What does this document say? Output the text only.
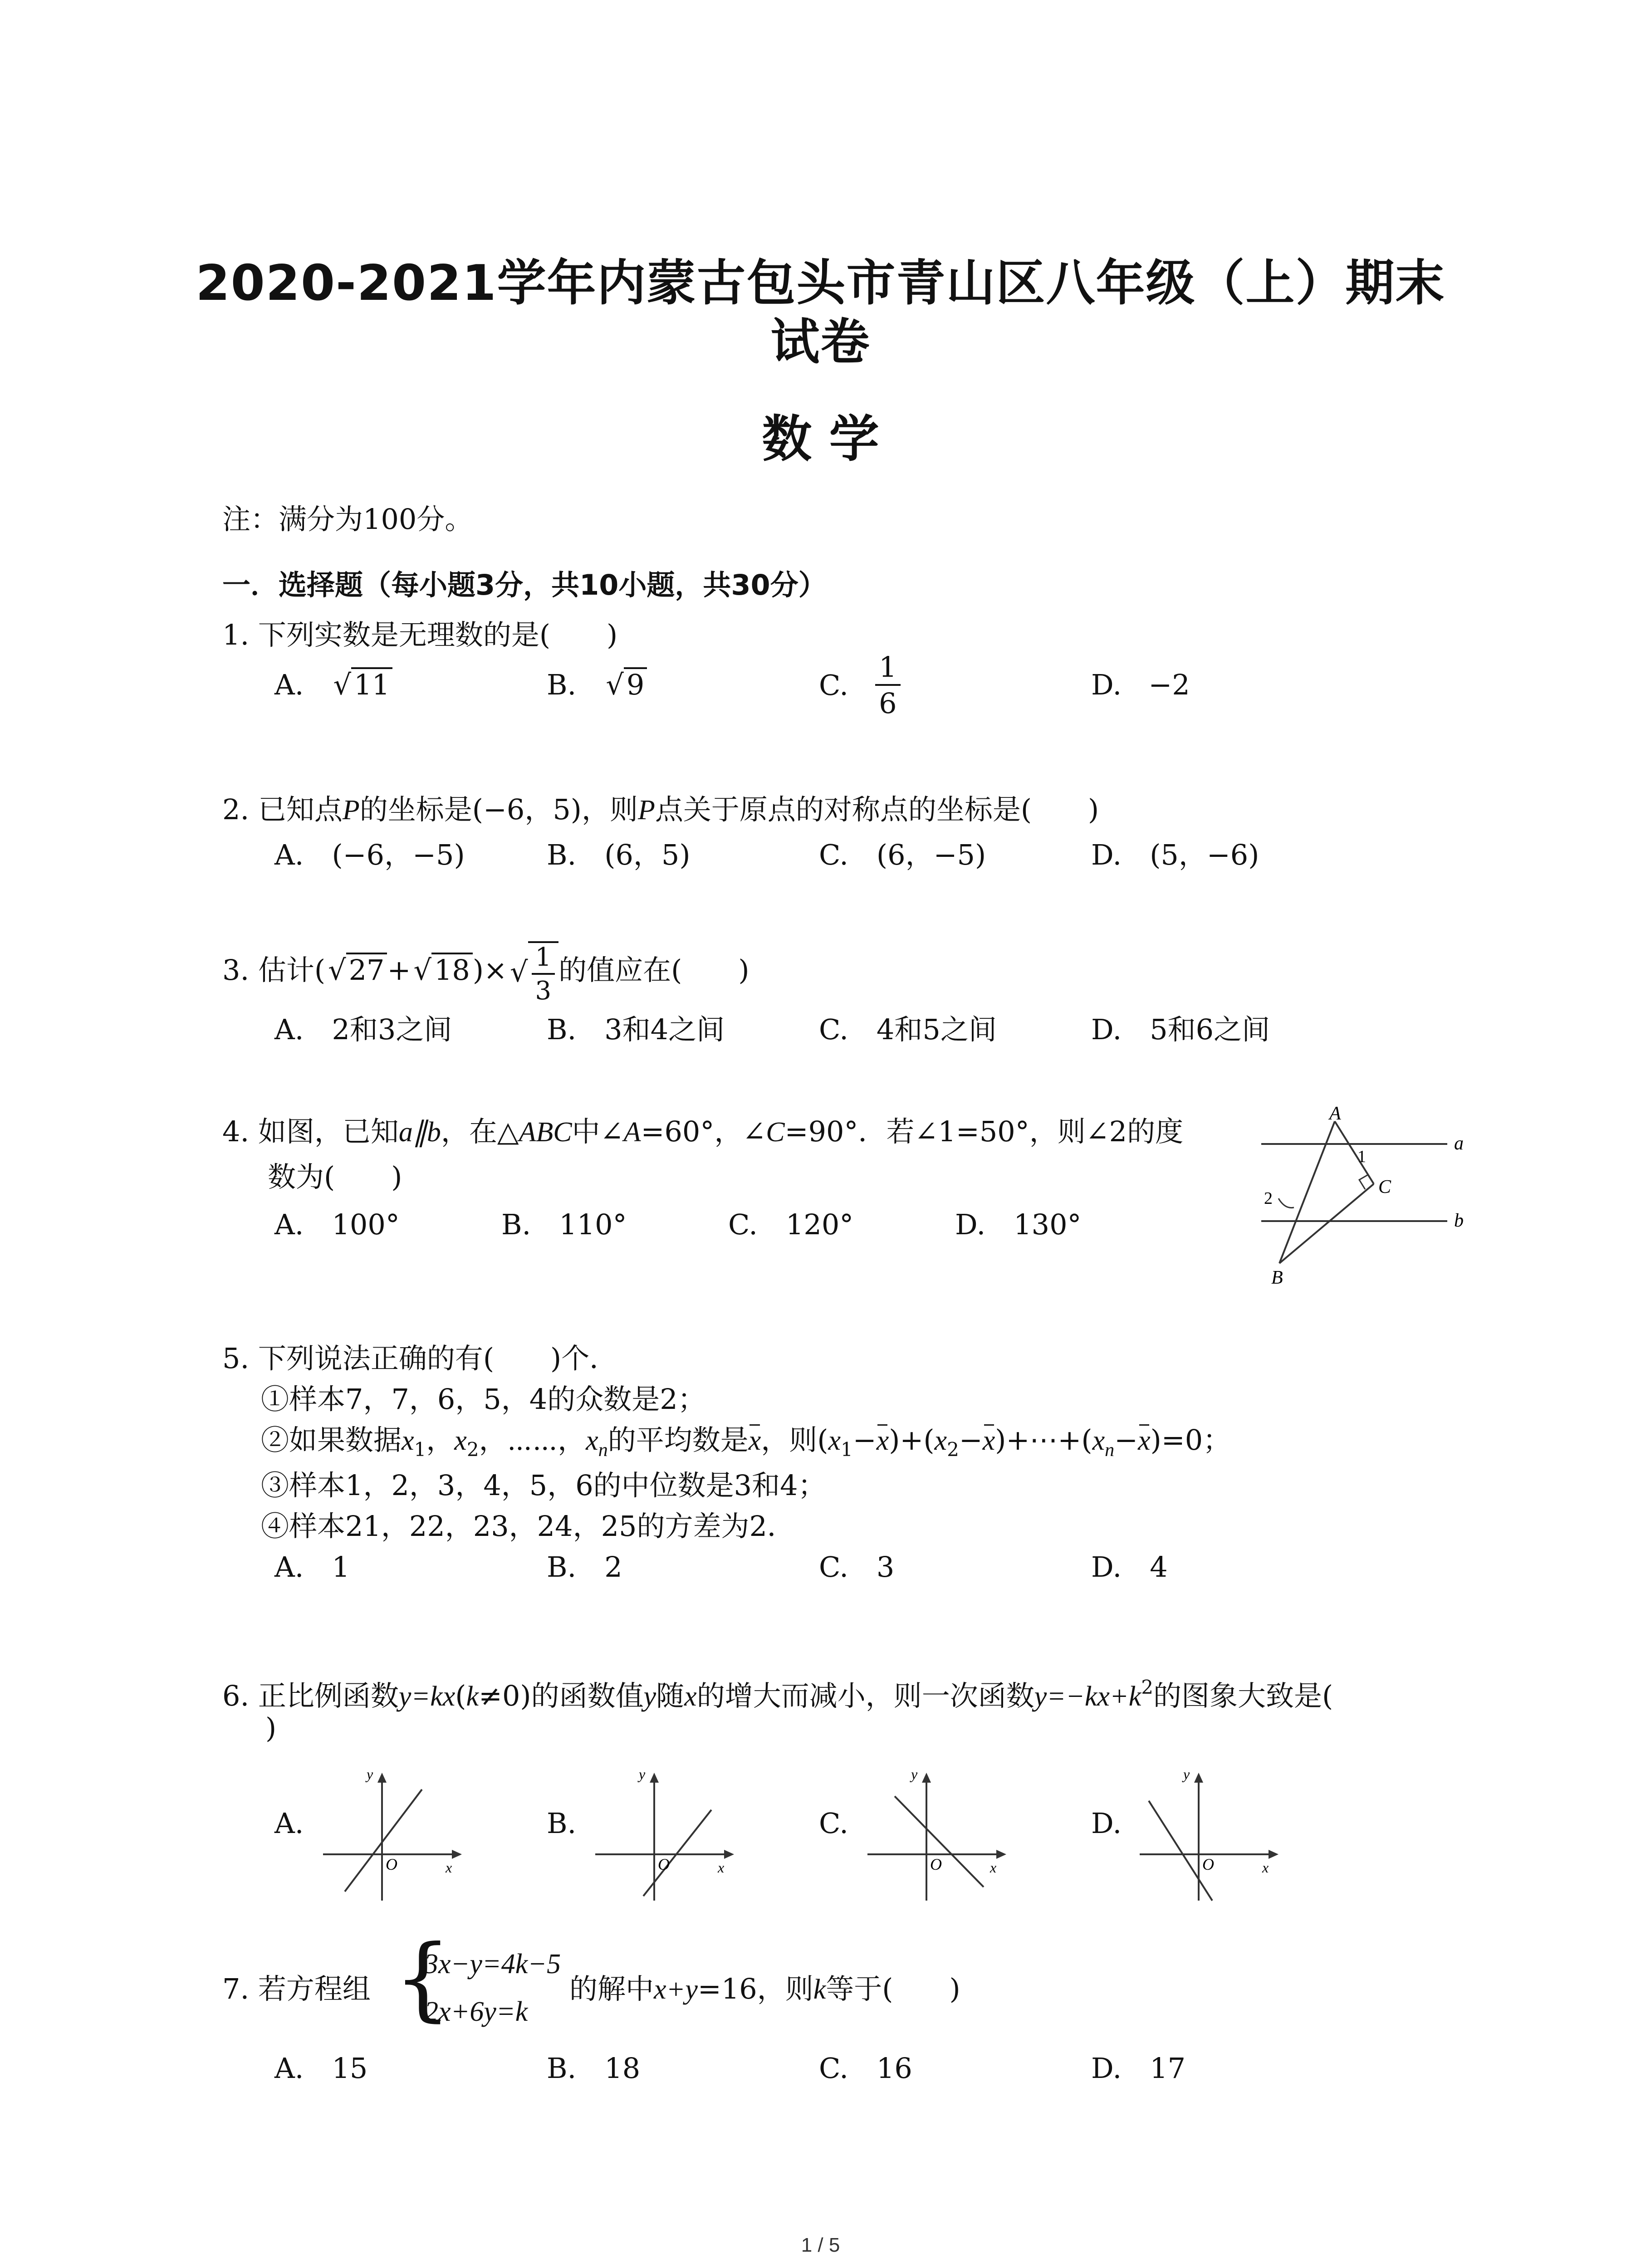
2020-2021学年内蒙古包头市青山区八年级（上）期末
试卷
数 学
注：满分为100分。
一．选择题（每小题3分，共10小题，共30分）
1. 下列实数是无理数的是(　　)
A. √11	B. √9	C. $\frac{1}{6}$	D. −2
2. 已知点P的坐标是(−6，5)，则P点关于原点的对称点的坐标是(　　)
A.　(−6，−5)	B.　(6，5)	C.　(6，−5)	D.　(5，−6)
3. 估计$(√27+√18)\times√ \frac{1}{3}$ 的值应在(　　)
A.　2和3之间	B.　3和4之间	C.　4和5之间	D.　5和6之间
4. 如图，已知a∥b，在△ABC中∠A=60°，∠C=90°．若∠1=50°，则∠2的度
数为(　　)
A.　100°	B.　110°	C.　120°	D.　130°
A
B
C
1
2
a
b
5. 下列说法正确的有(　　)个．
①样本7，7，6，5，4的众数是2；
②如果数据$x_1$，$x_2$，⋯⋯，$x_n$的平均数是x，则$(x_1-x)+(x_2-x)+\cdots+(x_n-x)=0$；
③样本1，2，3，4，5，6的中位数是3和4；
④样本21，22，23，24，25的方差为2．
A.　1	B.　2	C.　3	D.　4
6. 正比例函数y=kx(k≠0)的函数值y随x的增大而减小，则一次函数$y=-kx+k^2$的图象大致是(
)
A.
y
O	x
B.
y
O	x
C.
y
O	x
D.
y
O	x
7. 若方程组 {
3x−y=4k−5
2x+6y=k
的解中x+y=16，则k等于(　　)
A.　15	B.　18	C.　16	D.　17
1 / 5
